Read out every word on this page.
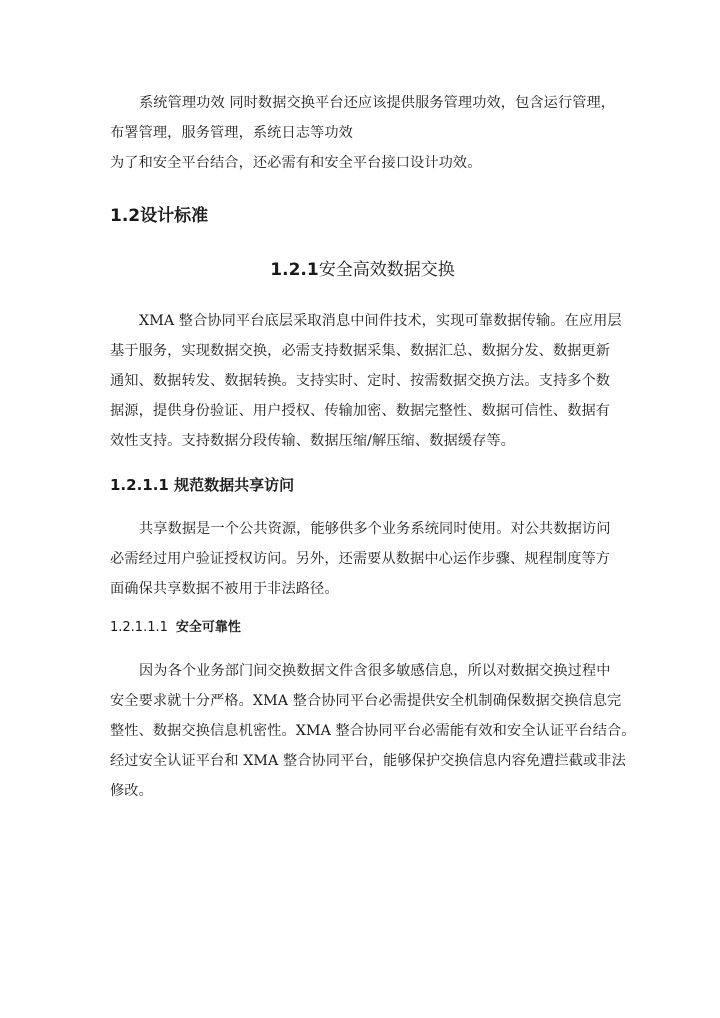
系统管理功效 同时数据交换平台还应该提供服务管理功效，包含运行管理，
布署管理，服务管理，系统日志等功效
为了和安全平台结合，还必需有和安全平台接口设计功效。
1.2设计标准
1.2.1安全高效数据交换
XMA 整合协同平台底层采取消息中间件技术，实现可靠数据传输。在应用层
基于服务，实现数据交换，必需支持数据采集、数据汇总、数据分发、数据更新
通知、数据转发、数据转换。支持实时、定时、按需数据交换方法。支持多个数
据源，提供身份验证、用户授权、传输加密、数据完整性、数据可信性、数据有
效性支持。支持数据分段传输、数据压缩/解压缩、数据缓存等。
1.2.1.1 规范数据共享访问
共享数据是一个公共资源，能够供多个业务系统同时使用。对公共数据访问
必需经过用户验证授权访问。另外，还需要从数据中心运作步骤、规程制度等方
面确保共享数据不被用于非法路径。
1.2.1.1.1 安全可靠性
因为各个业务部门间交换数据文件含很多敏感信息，所以对数据交换过程中
安全要求就十分严格。XMA 整合协同平台必需提供安全机制确保数据交换信息完
整性、数据交换信息机密性。XMA 整合协同平台必需能有效和安全认证平台结合。
经过安全认证平台和 XMA 整合协同平台，能够保护交换信息内容免遭拦截或非法
修改。
